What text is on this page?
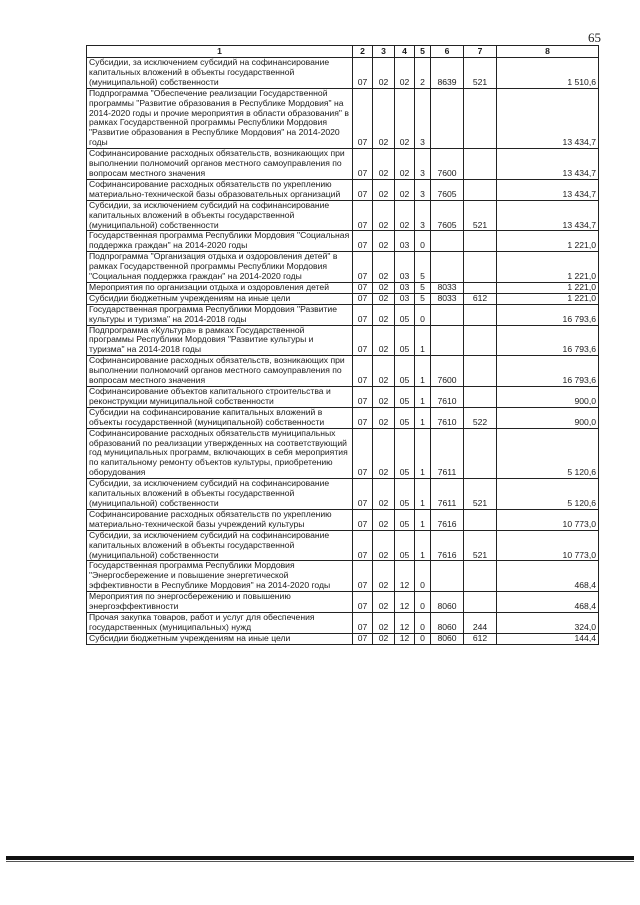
65
1	2	3	4	5	6	7	8
Субсидии, за исключением субсидий на софинансирование капитальных вложений в объекты государственной (муниципальной) собственности	07	02	02	2	8639	521	1 510,6
Подпрограмма "Обеспечение реализации Государственной программы "Развитие образования в Республике Мордовия" на 2014-2020 годы и прочие мероприятия в области образования" в рамках Государственной программы Республики Мордовия "Развитие образования в Республике Мордовия" на 2014-2020 годы	07	02	02	3			13 434,7
Софинансирование расходных обязательств, возникающих при выполнении полномочий органов местного самоуправления по вопросам местного значения	07	02	02	3	7600		13 434,7
Софинансирование расходных обязательств по укреплению материально-технической базы образовательных организаций	07	02	02	3	7605		13 434,7
Субсидии, за исключением субсидий на софинансирование капитальных вложений в объекты государственной (муниципальной) собственности	07	02	02	3	7605	521	13 434,7
Государственная программа Республики Мордовия "Социальная поддержка граждан" на 2014-2020 годы	07	02	03	0			1 221,0
Подпрограмма "Организация отдыха и оздоровления детей" в рамках Государственной программы Республики Мордовия "Социальная поддержка граждан" на 2014-2020 годы	07	02	03	5			1 221,0
Мероприятия по организации отдыха и оздоровления детей	07	02	03	5	8033		1 221,0
Субсидии бюджетным учреждениям на иные цели	07	02	03	5	8033	612	1 221,0
Государственная программа Республики Мордовия "Развитие культуры и туризма" на 2014-2018 годы	07	02	05	0			16 793,6
Подпрограмма «Культура» в рамках Государственной программы Республики Мордовия "Развитие культуры и туризма" на 2014-2018 годы	07	02	05	1			16 793,6
Софинансирование расходных обязательств, возникающих при выполнении полномочий органов местного самоуправления по вопросам местного значения	07	02	05	1	7600		16 793,6
Софинансирование объектов капитального строительства и реконструкции муниципальной собственности	07	02	05	1	7610		900,0
Субсидии на софинансирование капитальных вложений в объекты государственной (муниципальной) собственности	07	02	05	1	7610	522	900,0
Софинансирование расходных обязательств муниципальных образований по реализации утвержденных на соответствующий год муниципальных программ, включающих в себя мероприятия по капитальному ремонту объектов культуры, приобретению оборудования	07	02	05	1	7611		5 120,6
Субсидии, за исключением субсидий на софинансирование капитальных вложений в объекты государственной (муниципальной) собственности	07	02	05	1	7611	521	5 120,6
Софинансирование расходных обязательств по укреплению материально-технической базы учреждений культуры	07	02	05	1	7616		10 773,0
Субсидии, за исключением субсидий на софинансирование капитальных вложений в объекты государственной (муниципальной) собственности	07	02	05	1	7616	521	10 773,0
Государственная программа Республики Мордовия "Энергосбережение и повышение энергетической эффективности в Республике Мордовия" на 2014-2020 годы	07	02	12	0			468,4
Мероприятия по энергосбережению и повышению энергоэффективности	07	02	12	0	8060		468,4
Прочая закупка товаров, работ и услуг для обеспечения государственных (муниципальных) нужд	07	02	12	0	8060	244	324,0
Субсидии бюджетным учреждениям на иные цели	07	02	12	0	8060	612	144,4
